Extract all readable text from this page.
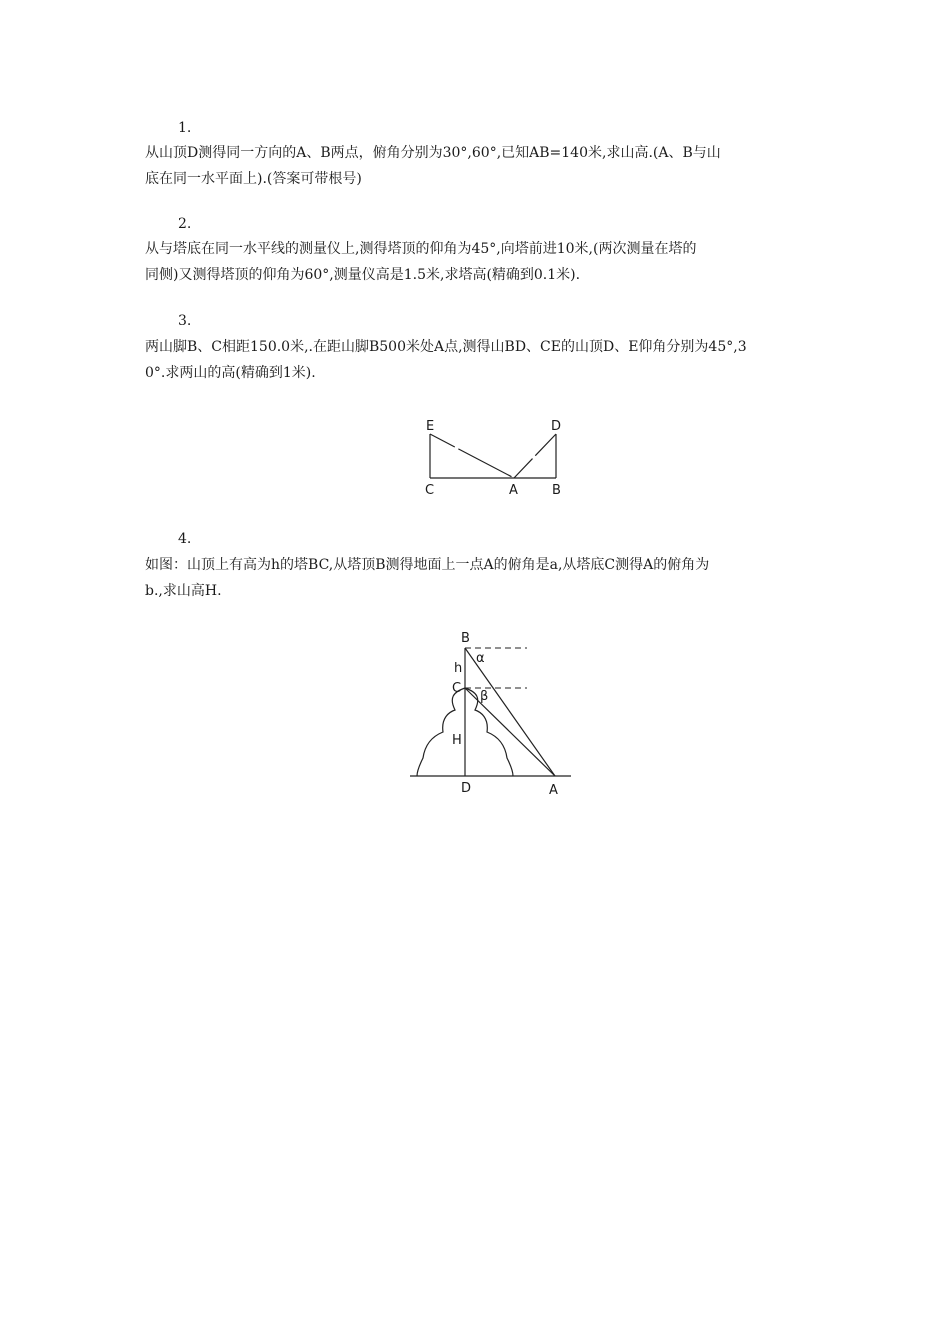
1.
从山顶D测得同一方向的A、B两点，俯角分别为30°,60°,已知AB=140米,求山高.(A、B与山
底在同一水平面上).(答案可带根号)
2.
从与塔底在同一水平线的测量仪上,测得塔顶的仰角为45°,向塔前进10米,(两次测量在塔的
同侧)又测得塔顶的仰角为60°,测量仪高是1.5米,求塔高(精确到0.1米).
3.
两山脚B、C相距150.0米,.在距山脚B500米处A点,测得山BD、CE的山顶D、E仰角分别为45°,3
0°.求两山的高(精确到1米).
E	D
C	A	B
4.
如图：山顶上有高为h的塔BC,从塔顶B测得地面上一点A的俯角是a,从塔底C测得A的俯角为
b.,求山高H.
B
α
h
C
β
H
D	A
